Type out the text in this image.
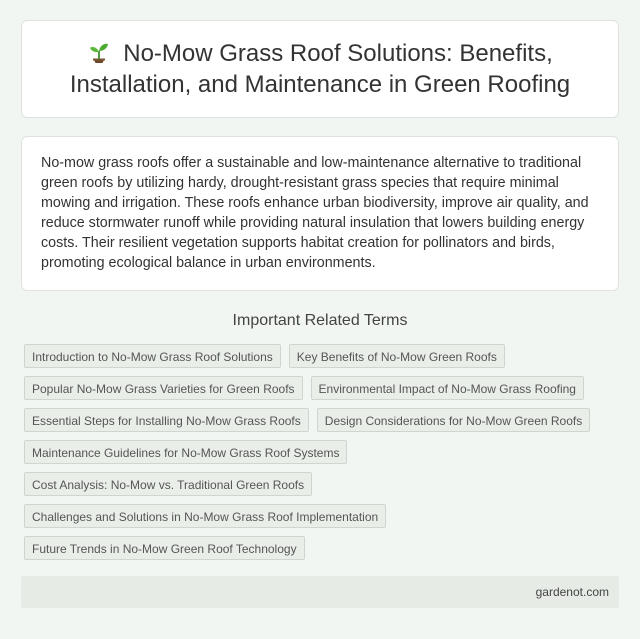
No-Mow Grass Roof Solutions: Benefits, Installation, and Maintenance in Green Roofing

No-mow grass roofs offer a sustainable and low-maintenance alternative to traditional green roofs by utilizing hardy, drought-resistant grass species that require minimal mowing and irrigation. These roofs enhance urban biodiversity, improve air quality, and reduce stormwater runoff while providing natural insulation that lowers building energy costs. Their resilient vegetation supports habitat creation for pollinators and birds, promoting ecological balance in urban environments.

Important Related Terms
Introduction to No-Mow Grass Roof Solutions	Key Benefits of No-Mow Green Roofs
Popular No-Mow Grass Varieties for Green Roofs	Environmental Impact of No-Mow Grass Roofing
Essential Steps for Installing No-Mow Grass Roofs	Design Considerations for No-Mow Green Roofs
Maintenance Guidelines for No-Mow Grass Roof Systems
Cost Analysis: No-Mow vs. Traditional Green Roofs
Challenges and Solutions in No-Mow Grass Roof Implementation
Future Trends in No-Mow Green Roof Technology
gardenot.com
